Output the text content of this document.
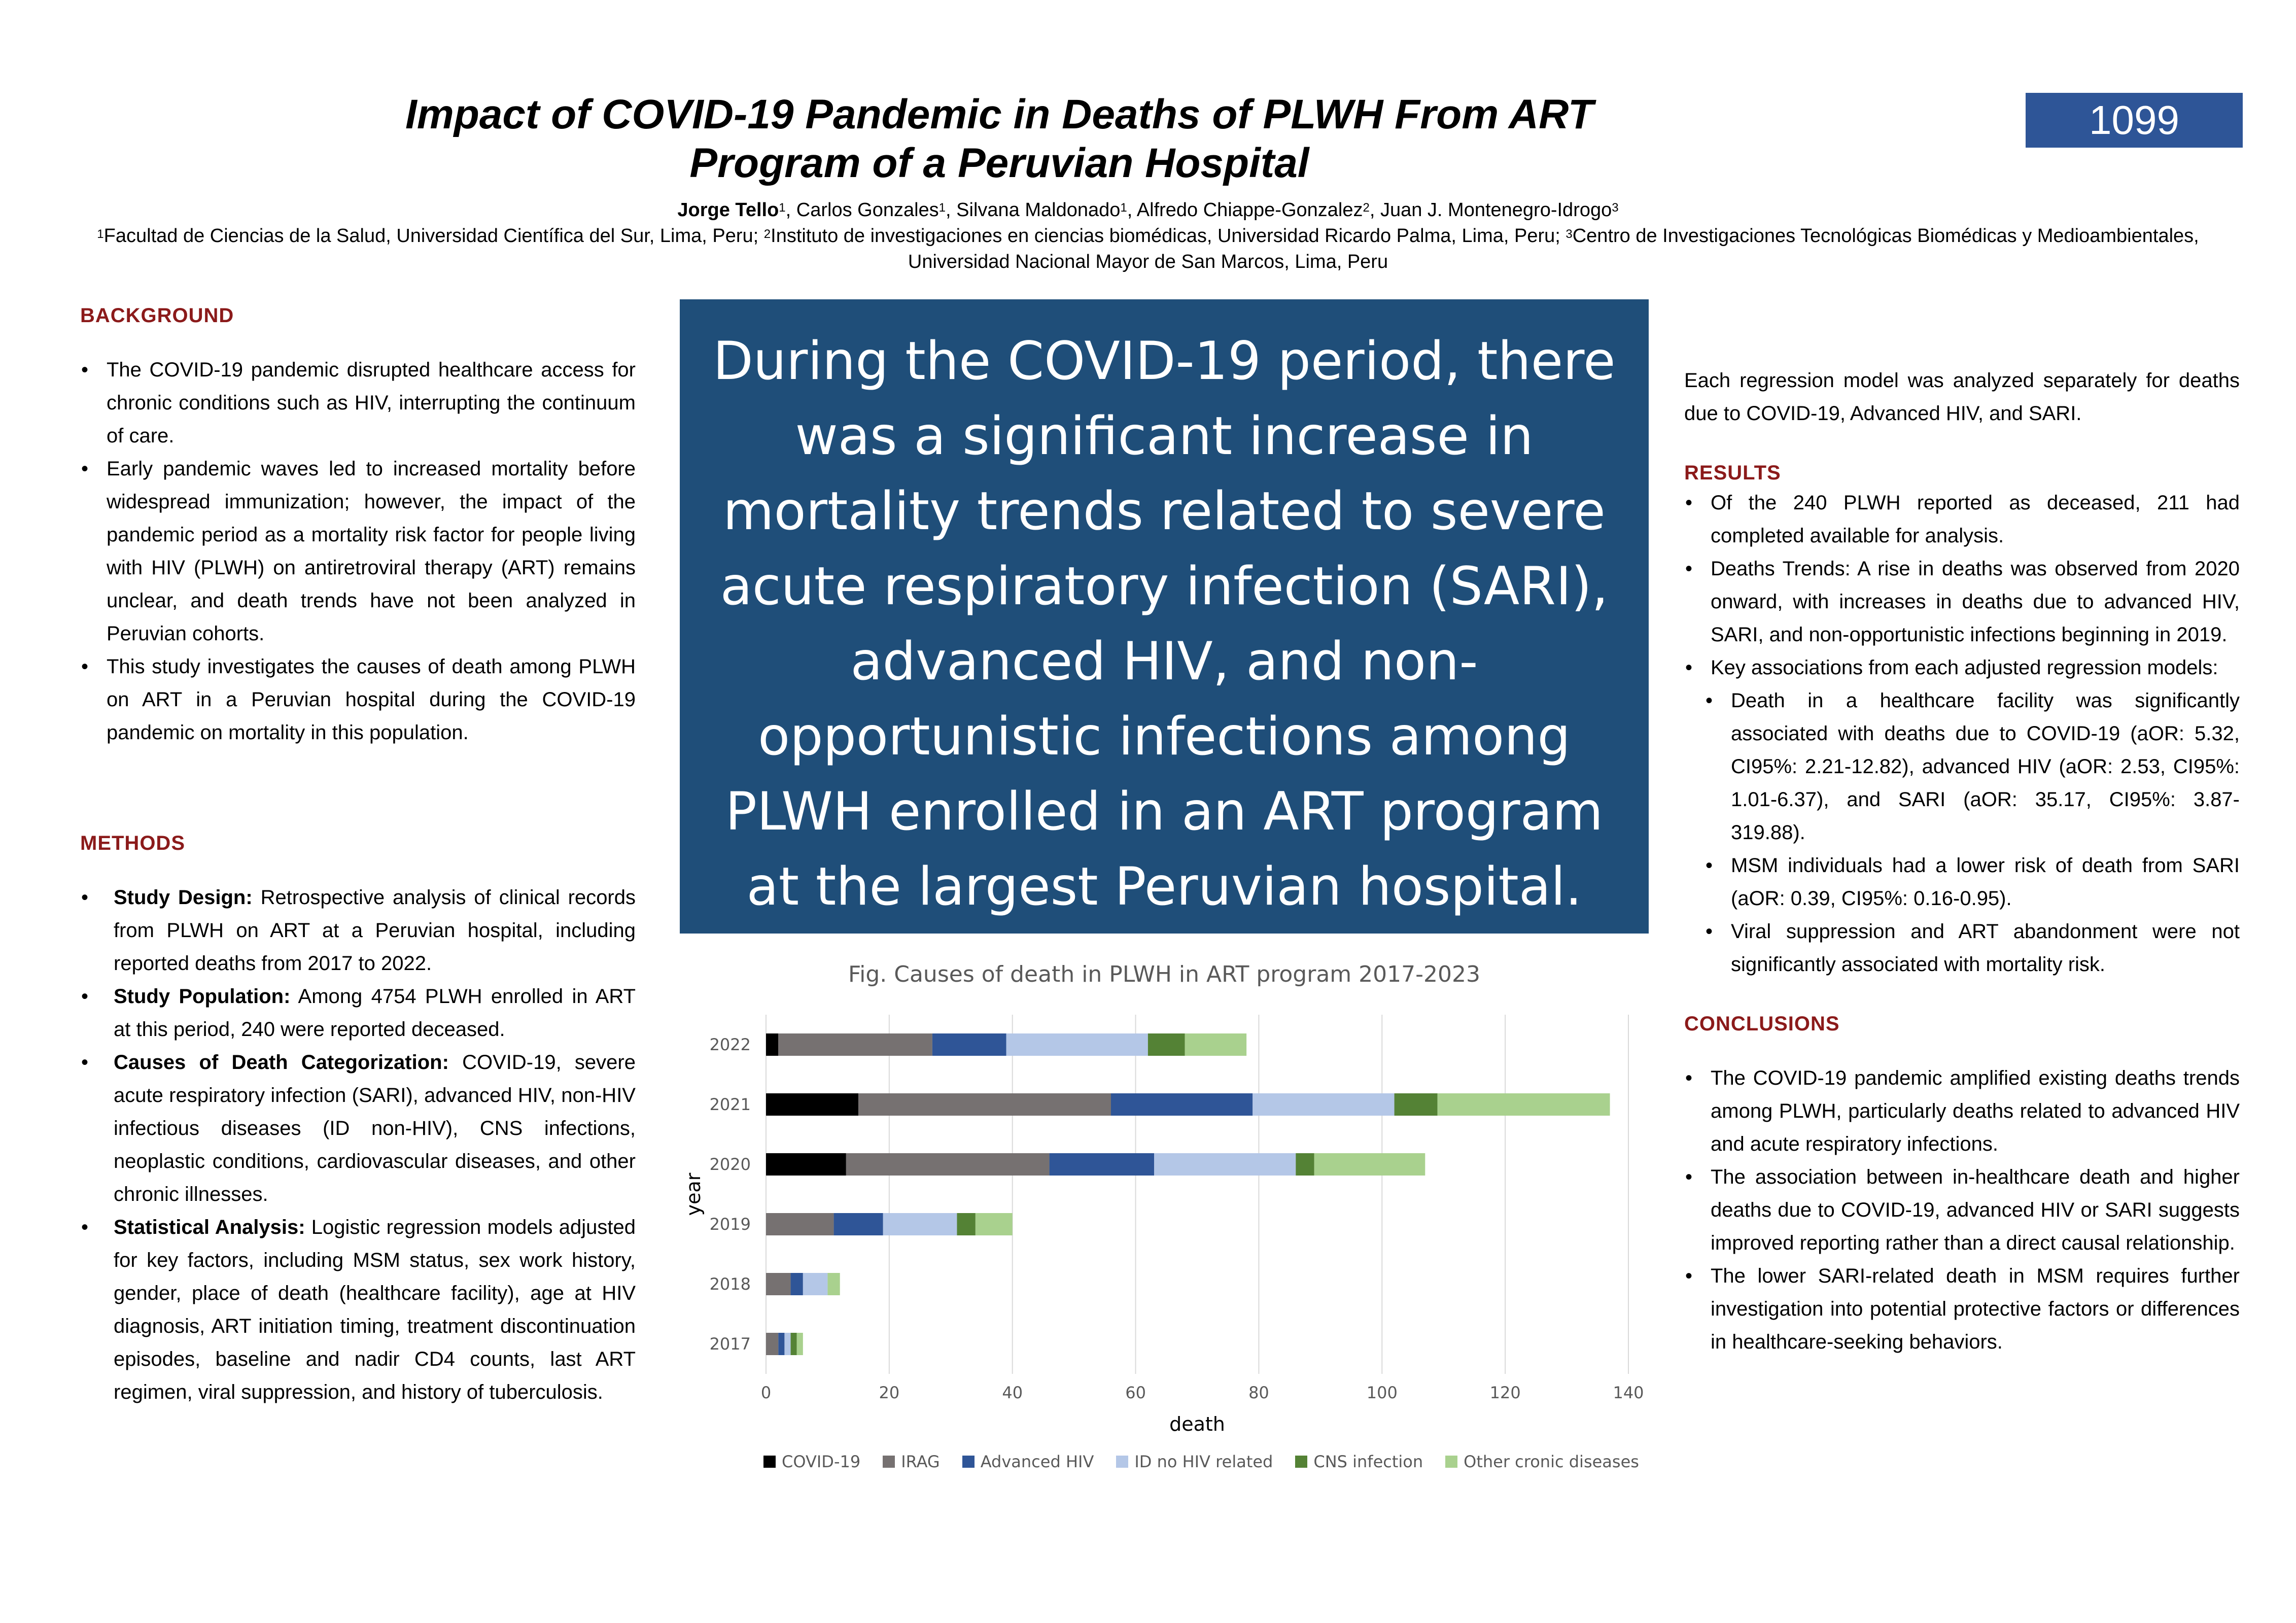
Impact of COVID-19 Pandemic in Deaths of PLWH From ART Program of a Peruvian Hospital
1099
Jorge Tello$^1$, Carlos Gonzales$^1$, Silvana Maldonado$^1$, Alfredo Chiappe-Gonzalez$^2$, Juan J. Montenegro-Idrogo$^3$
$^1$Facultad de Ciencias de la Salud, Universidad Científica del Sur, Lima, Peru; $^2$Instituto de investigaciones en ciencias biomédicas, Universidad Ricardo Palma, Lima, Peru; $^3$Centro de Investigaciones Tecnológicas Biomédicas y Medioambientales, Universidad Nacional Mayor de San Marcos, Lima, Peru
BACKGROUND
• The COVID-19 pandemic disrupted healthcare access for chronic conditions such as HIV, interrupting the continuum of care.
• Early pandemic waves led to increased mortality before widespread immunization; however, the impact of the pandemic period as a mortality risk factor for people living with HIV (PLWH) on antiretroviral therapy (ART) remains unclear, and death trends have not been analyzed in Peruvian cohorts.
• This study investigates the causes of death among PLWH on ART in a Peruvian hospital during the COVID-19 pandemic on mortality in this population.
METHODS
• Study Design: Retrospective analysis of clinical records from PLWH on ART at a Peruvian hospital, including reported deaths from 2017 to 2022.
• Study Population: Among 4754 PLWH enrolled in ART at this period, 240 were reported deceased.
• Causes of Death Categorization: COVID-19, severe acute respiratory infection (SARI), advanced HIV, non-HIV infectious diseases (ID non-HIV), CNS infections, neoplastic conditions, cardiovascular diseases, and other chronic illnesses.
• Statistical Analysis: Logistic regression models adjusted for key factors, including MSM status, sex work history, gender, place of death (healthcare facility), age at HIV diagnosis, ART initiation timing, treatment discontinuation episodes, baseline and nadir CD4 counts, last ART regimen, viral suppression, and history of tuberculosis.
During the COVID-19 period, there was a significant increase in mortality trends related to severe acute respiratory infection (SARI), advanced HIV, and non-opportunistic infections among PLWH enrolled in an ART program at the largest Peruvian hospital.
Fig. Causes of death in PLWH in ART program 2017-2023
0	20	40	60	80	100	120	140
2022
2021
2020
2019
2018
2017
death
year
COVID-19	IRAG	Advanced HIV	ID no HIV related	CNS infection	Other cronic diseases
Each regression model was analyzed separately for deaths due to COVID-19, Advanced HIV, and SARI.
RESULTS
• Of the 240 PLWH reported as deceased, 211 had completed available for analysis.
• Deaths Trends: A rise in deaths was observed from 2020 onward, with increases in deaths due to advanced HIV, SARI, and non-opportunistic infections beginning in 2019.
• Key associations from each adjusted regression models:
• Death in a healthcare facility was significantly associated with deaths due to COVID-19 (aOR: 5.32, CI95%: 2.21-12.82), advanced HIV (aOR: 2.53, CI95%: 1.01-6.37), and SARI (aOR: 35.17, CI95%: 3.87-319.88).
• MSM individuals had a lower risk of death from SARI (aOR: 0.39, CI95%: 0.16-0.95).
• Viral suppression and ART abandonment were not significantly associated with mortality risk.
CONCLUSIONS
• The COVID-19 pandemic amplified existing deaths trends among PLWH, particularly deaths related to advanced HIV and acute respiratory infections.
• The association between in-healthcare death and higher deaths due to COVID-19, advanced HIV or SARI suggests improved reporting rather than a direct causal relationship.
• The lower SARI-related death in MSM requires further investigation into potential protective factors or differences in healthcare-seeking behaviors.
